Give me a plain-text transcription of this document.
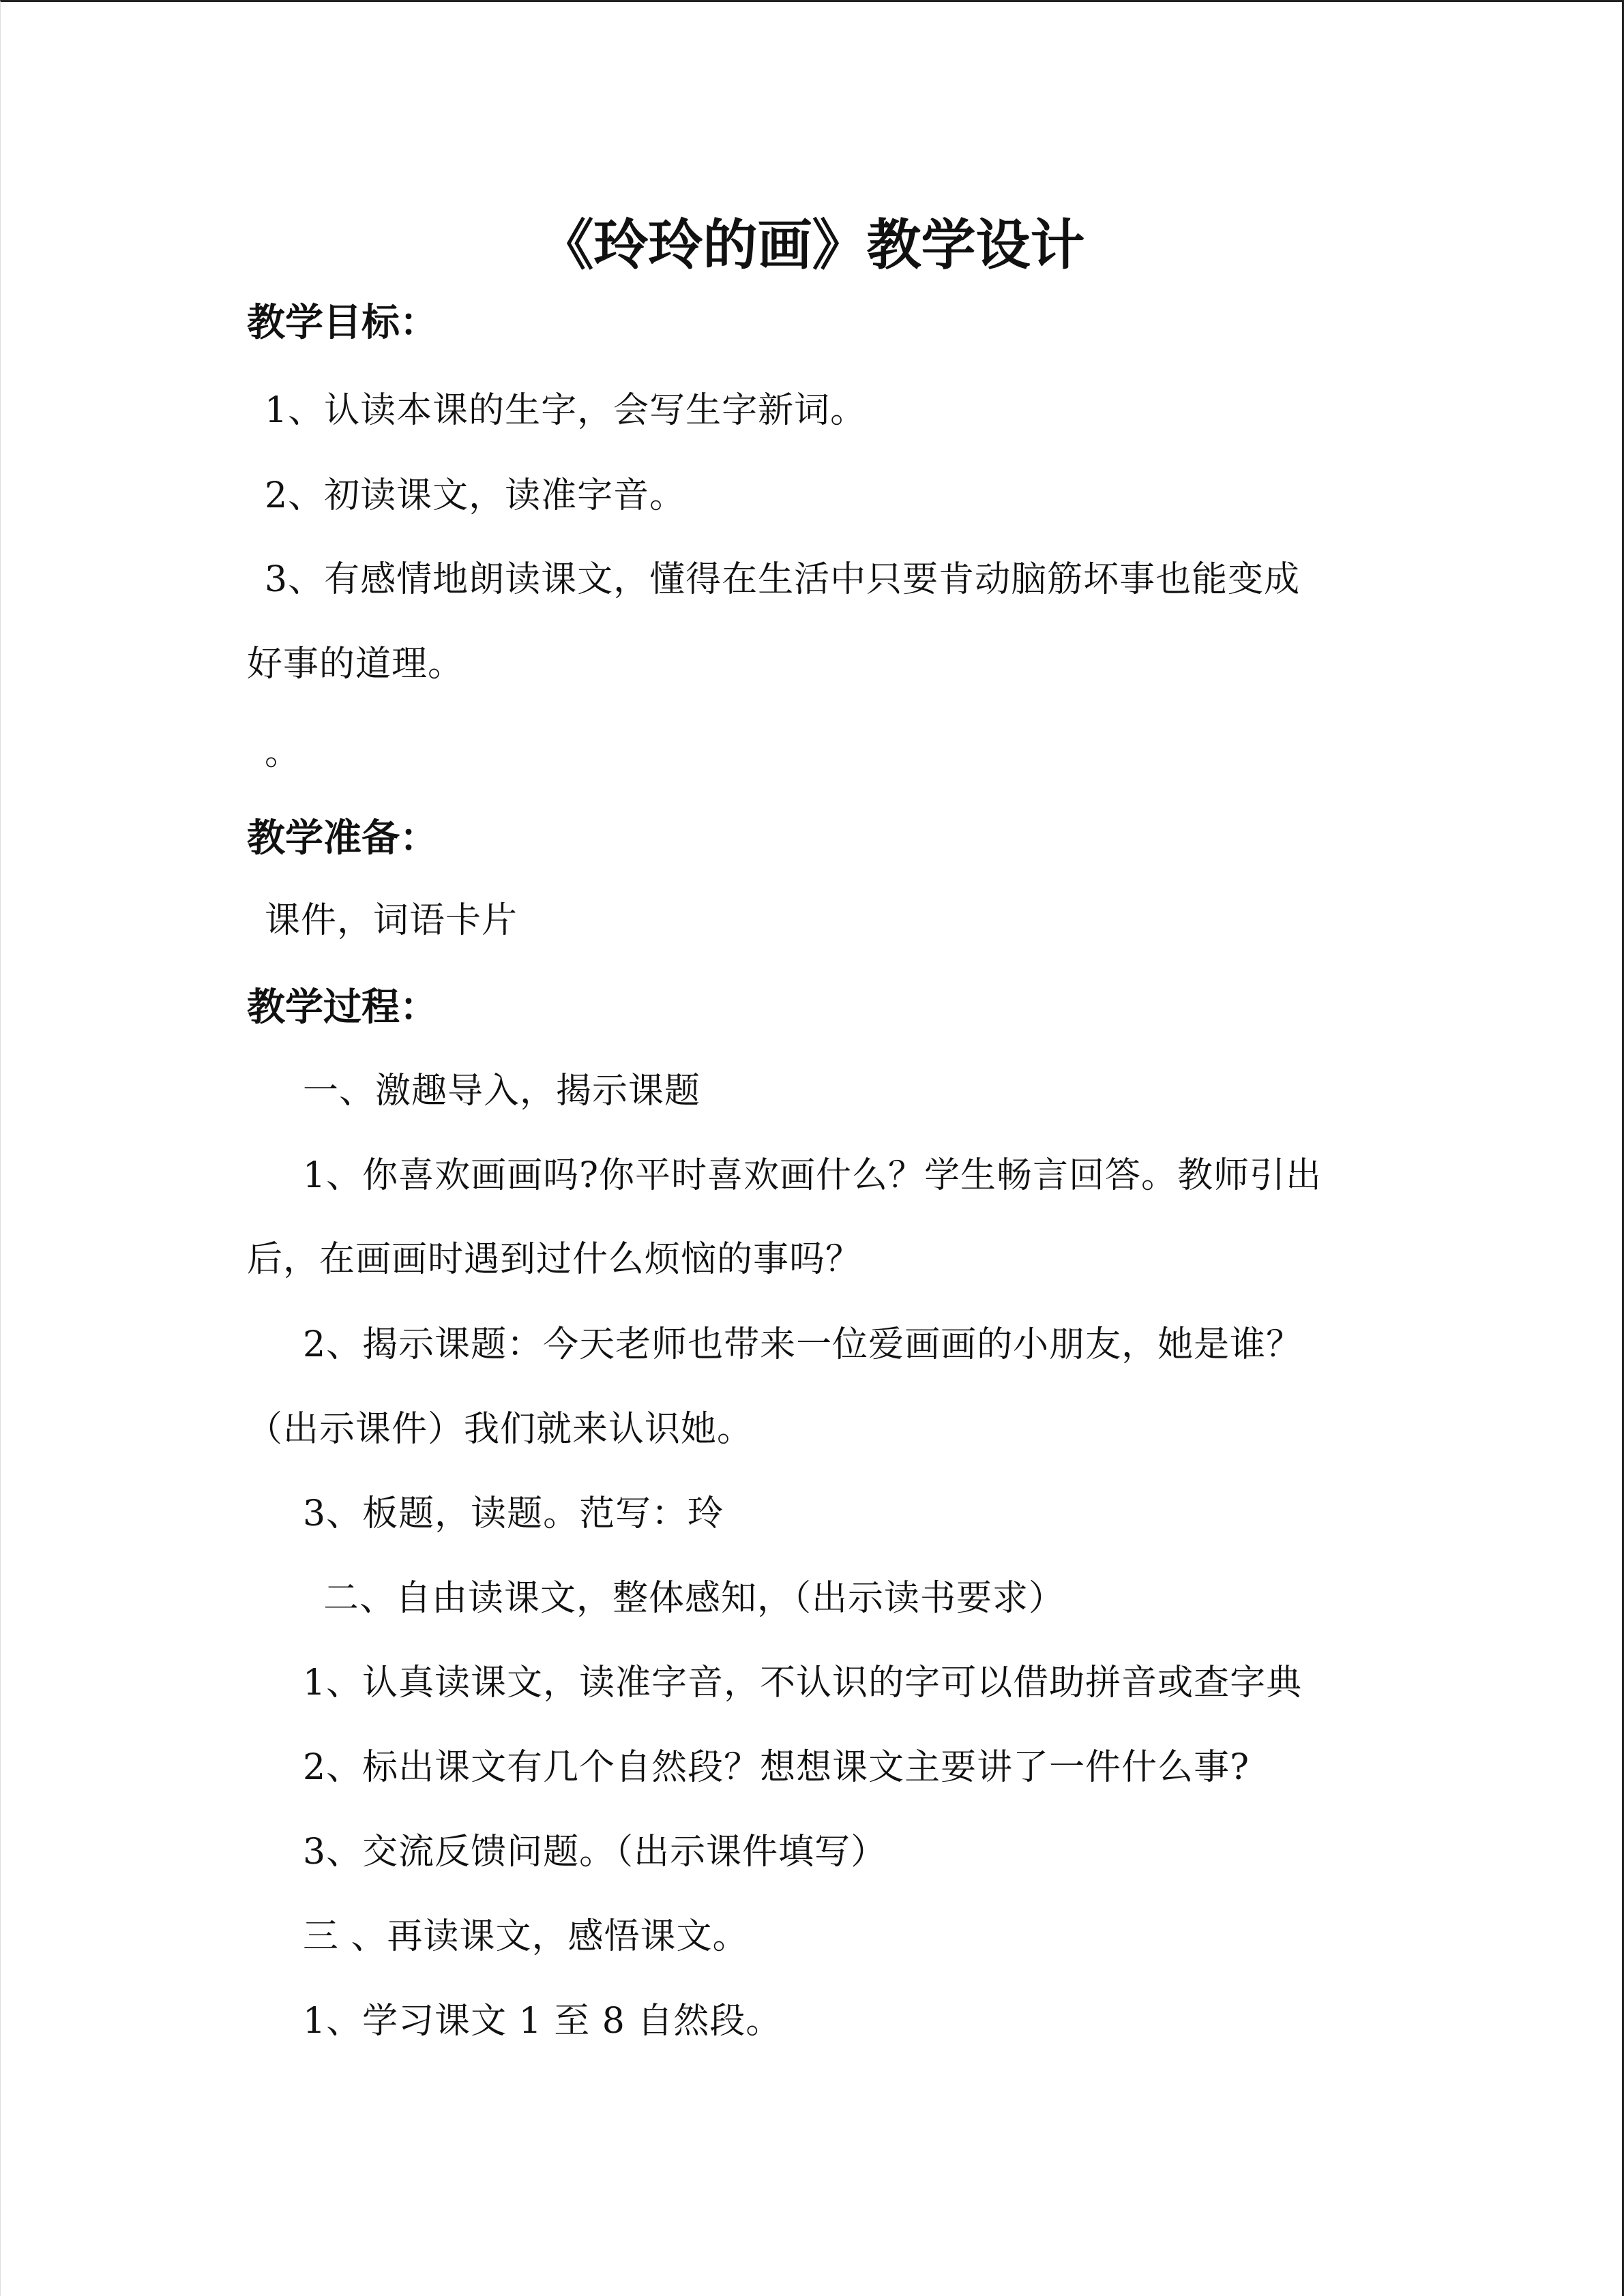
《玲玲的画》教学设计
教学目标：

1、认读本课的生字，会写生字新词。

2、初读课文，读准字音。

3、有感情地朗读课文，懂得在生活中只要肯动脑筋坏事也能变成

好事的道理。

。

教学准备：

课件，词语卡片

教学过程：

一、激趣导入，揭示课题

1、你喜欢画画吗?你平时喜欢画什么？学生畅言回答。教师引出

后，在画画时遇到过什么烦恼的事吗？

2、揭示课题：今天老师也带来一位爱画画的小朋友，她是谁？

（出示课件）我们就来认识她。

3、板题，读题。范写：玲

二、自由读课文，整体感知，（出示读书要求）

1、认真读课文，读准字音，不认识的字可以借助拼音或查字典

2、标出课文有几个自然段？想想课文主要讲了一件什么事?

3、交流反馈问题。（出示课件填写）

三 、再读课文，感悟课文。

1、学习课文 1 至 8 自然段。
